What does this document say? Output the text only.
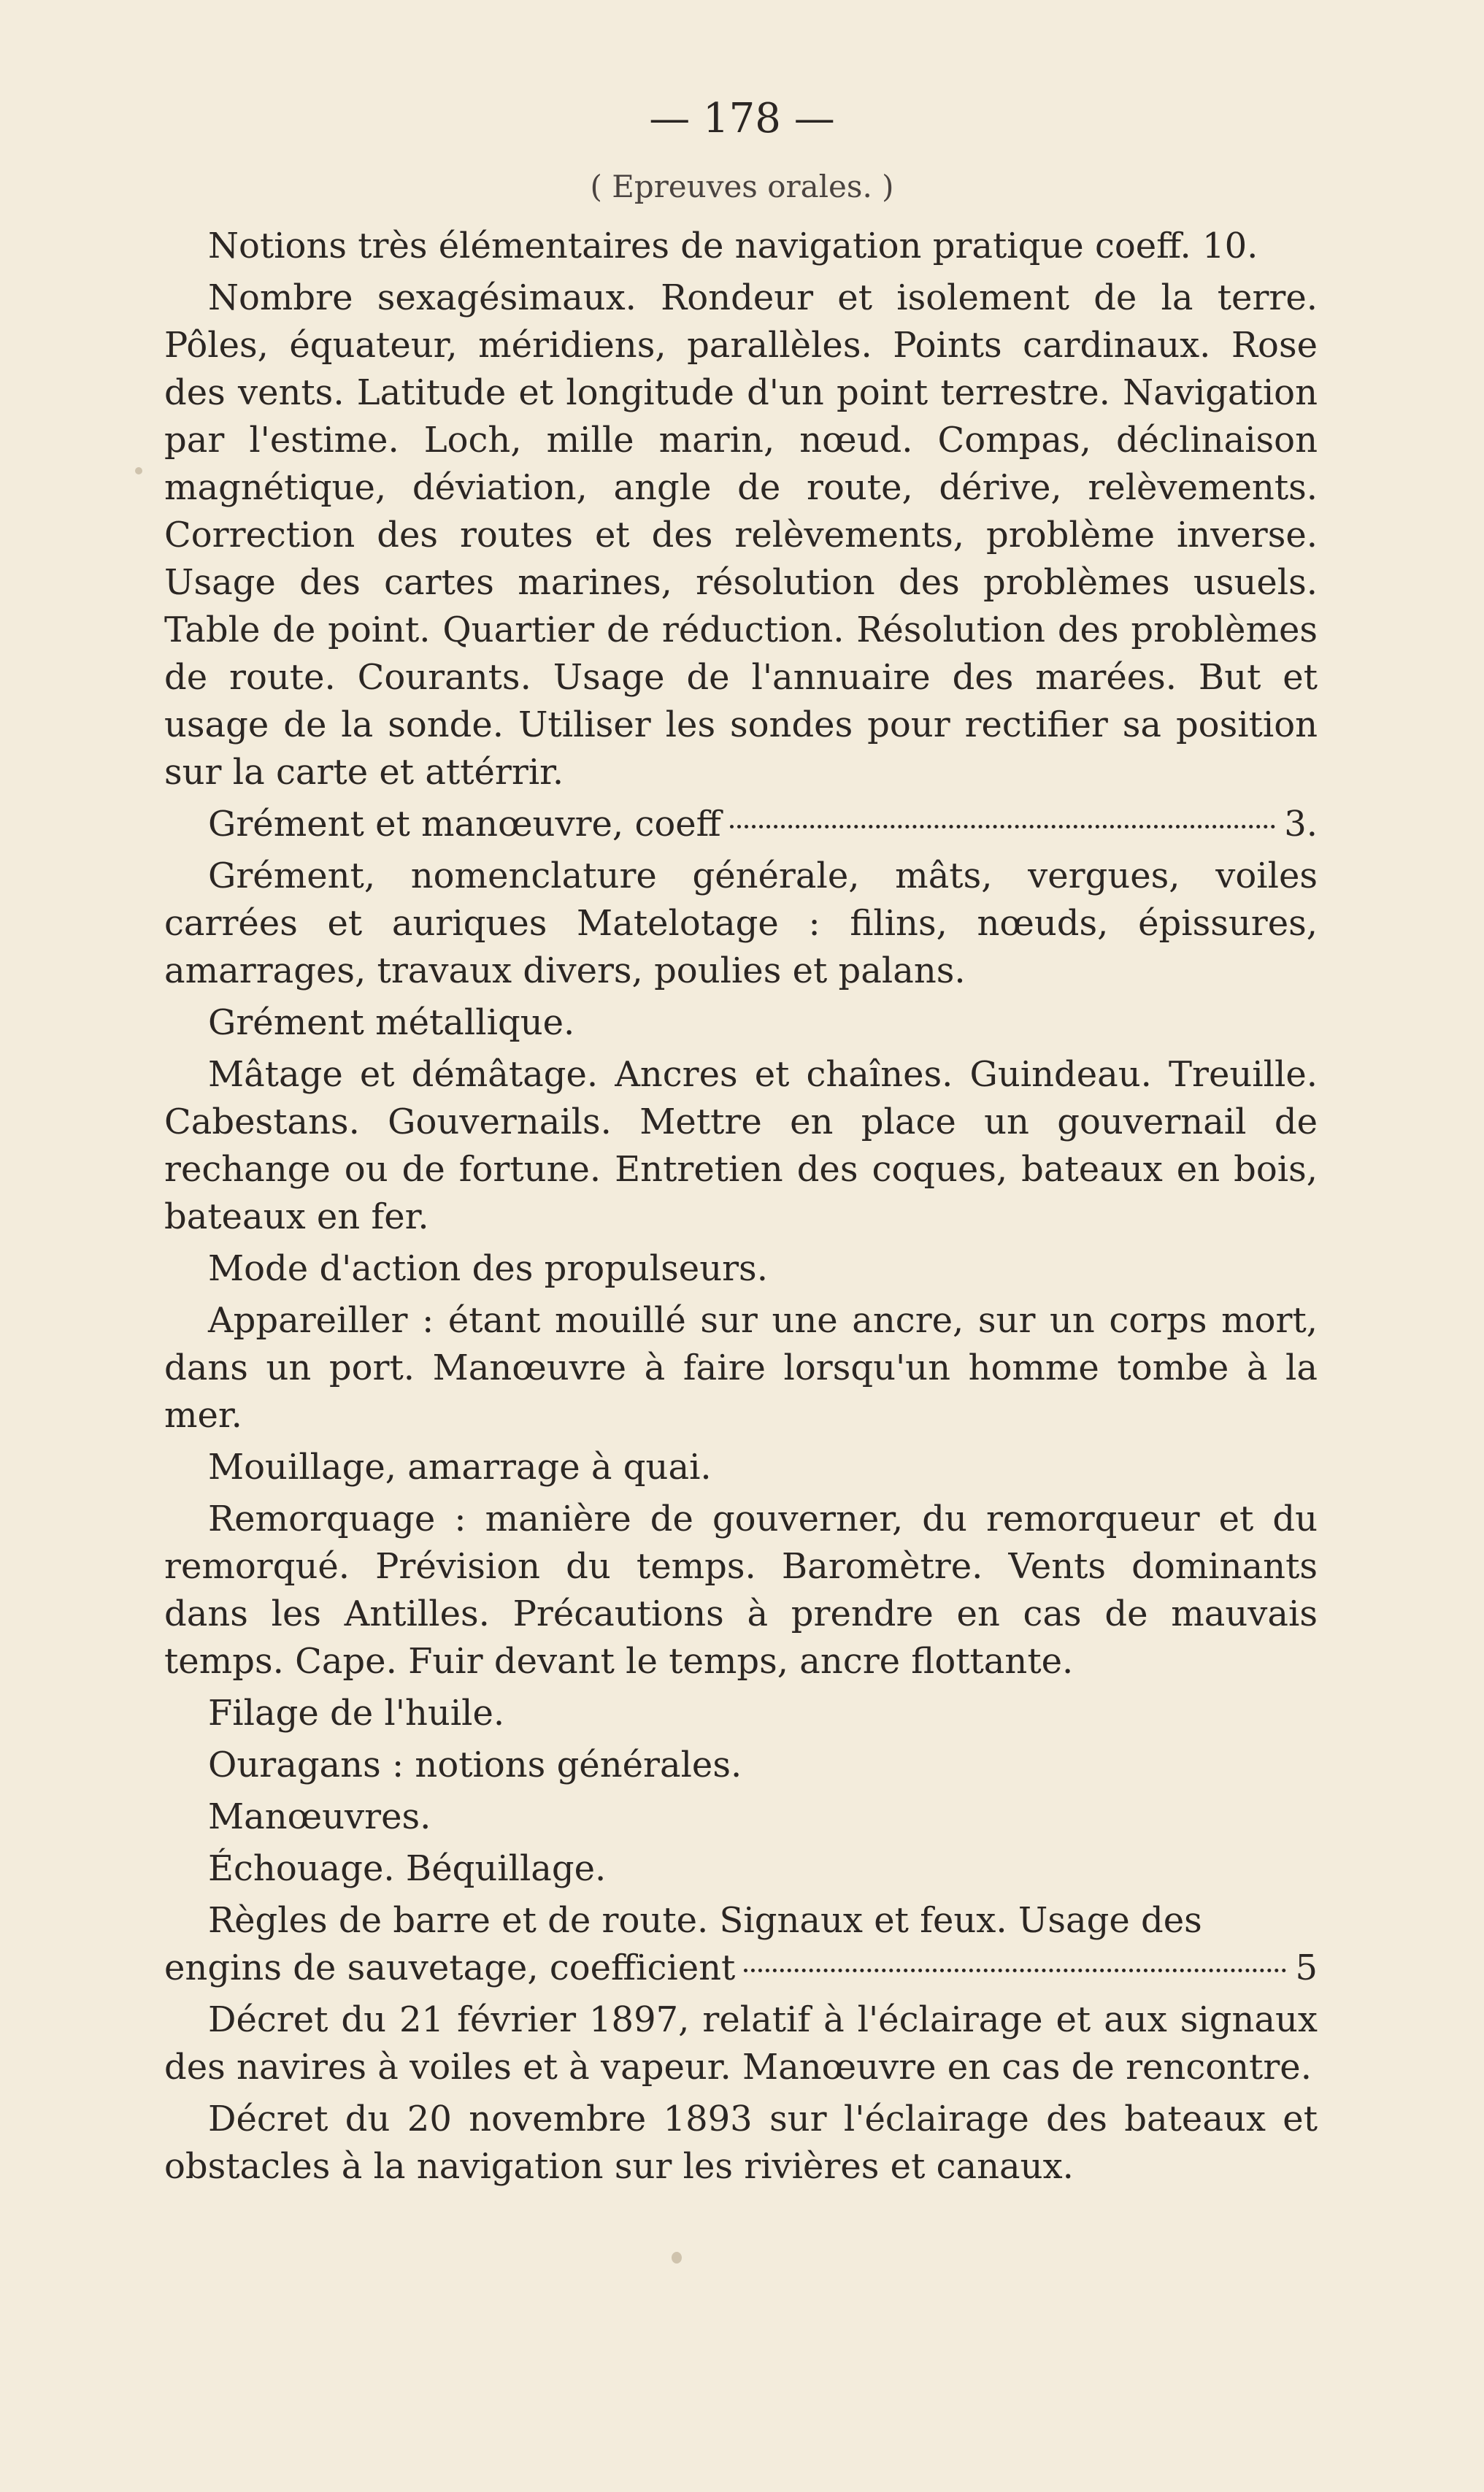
— 178 —
( Epreuves orales. )

Notions très élémentaires de navigation pratique coeff. 10.

Nombre sexagésimaux. Rondeur et isolement de la terre. Pôles, équateur, méridiens, parallèles. Points cardinaux. Rose des vents. Latitude et longitude d'un point terrestre. Navigation par l'estime. Loch, mille marin, nœud. Compas, déclinaison magnétique, déviation, angle de route, dérive, relèvements. Correction des routes et des relèvements, problème inverse. Usage des cartes marines, résolution des problèmes usuels. Table de point. Quartier de réduction. Résolution des problèmes de route. Courants. Usage de l'annuaire des marées. But et usage de la sonde. Utiliser les sondes pour rectifier sa position sur la carte et attérrir.

Grément et manœuvre, coeff	3.

Grément, nomenclature générale, mâts, vergues, voiles carrées et auriques Matelotage : filins, nœuds, épissures, amarrages, travaux divers, poulies et palans.

Grément métallique.

Mâtage et démâtage. Ancres et chaînes. Guindeau. Treuille. Cabestans. Gouvernails. Mettre en place un gouvernail de rechange ou de fortune. Entretien des coques, bateaux en bois, bateaux en fer.

Mode d'action des propulseurs.

Appareiller : étant mouillé sur une ancre, sur un corps mort, dans un port. Manœuvre à faire lorsqu'un homme tombe à la mer.

Mouillage, amarrage à quai.

Remorquage : manière de gouverner, du remorqueur et du remorqué. Prévision du temps. Baromètre. Vents dominants dans les Antilles. Précautions à prendre en cas de mauvais temps. Cape. Fuir devant le temps, ancre flottante.

Filage de l'huile.

Ouragans : notions générales.

Manœuvres.

Échouage. Béquillage.

Règles de barre et de route. Signaux et feux. Usage des

engins de sauvetage, coefficient	5

Décret du 21 février 1897, relatif à l'éclairage et aux signaux des navires à voiles et à vapeur. Manœuvre en cas de rencontre.

Décret du 20 novembre 1893 sur l'éclairage des bateaux et obstacles à la navigation sur les rivières et canaux.
